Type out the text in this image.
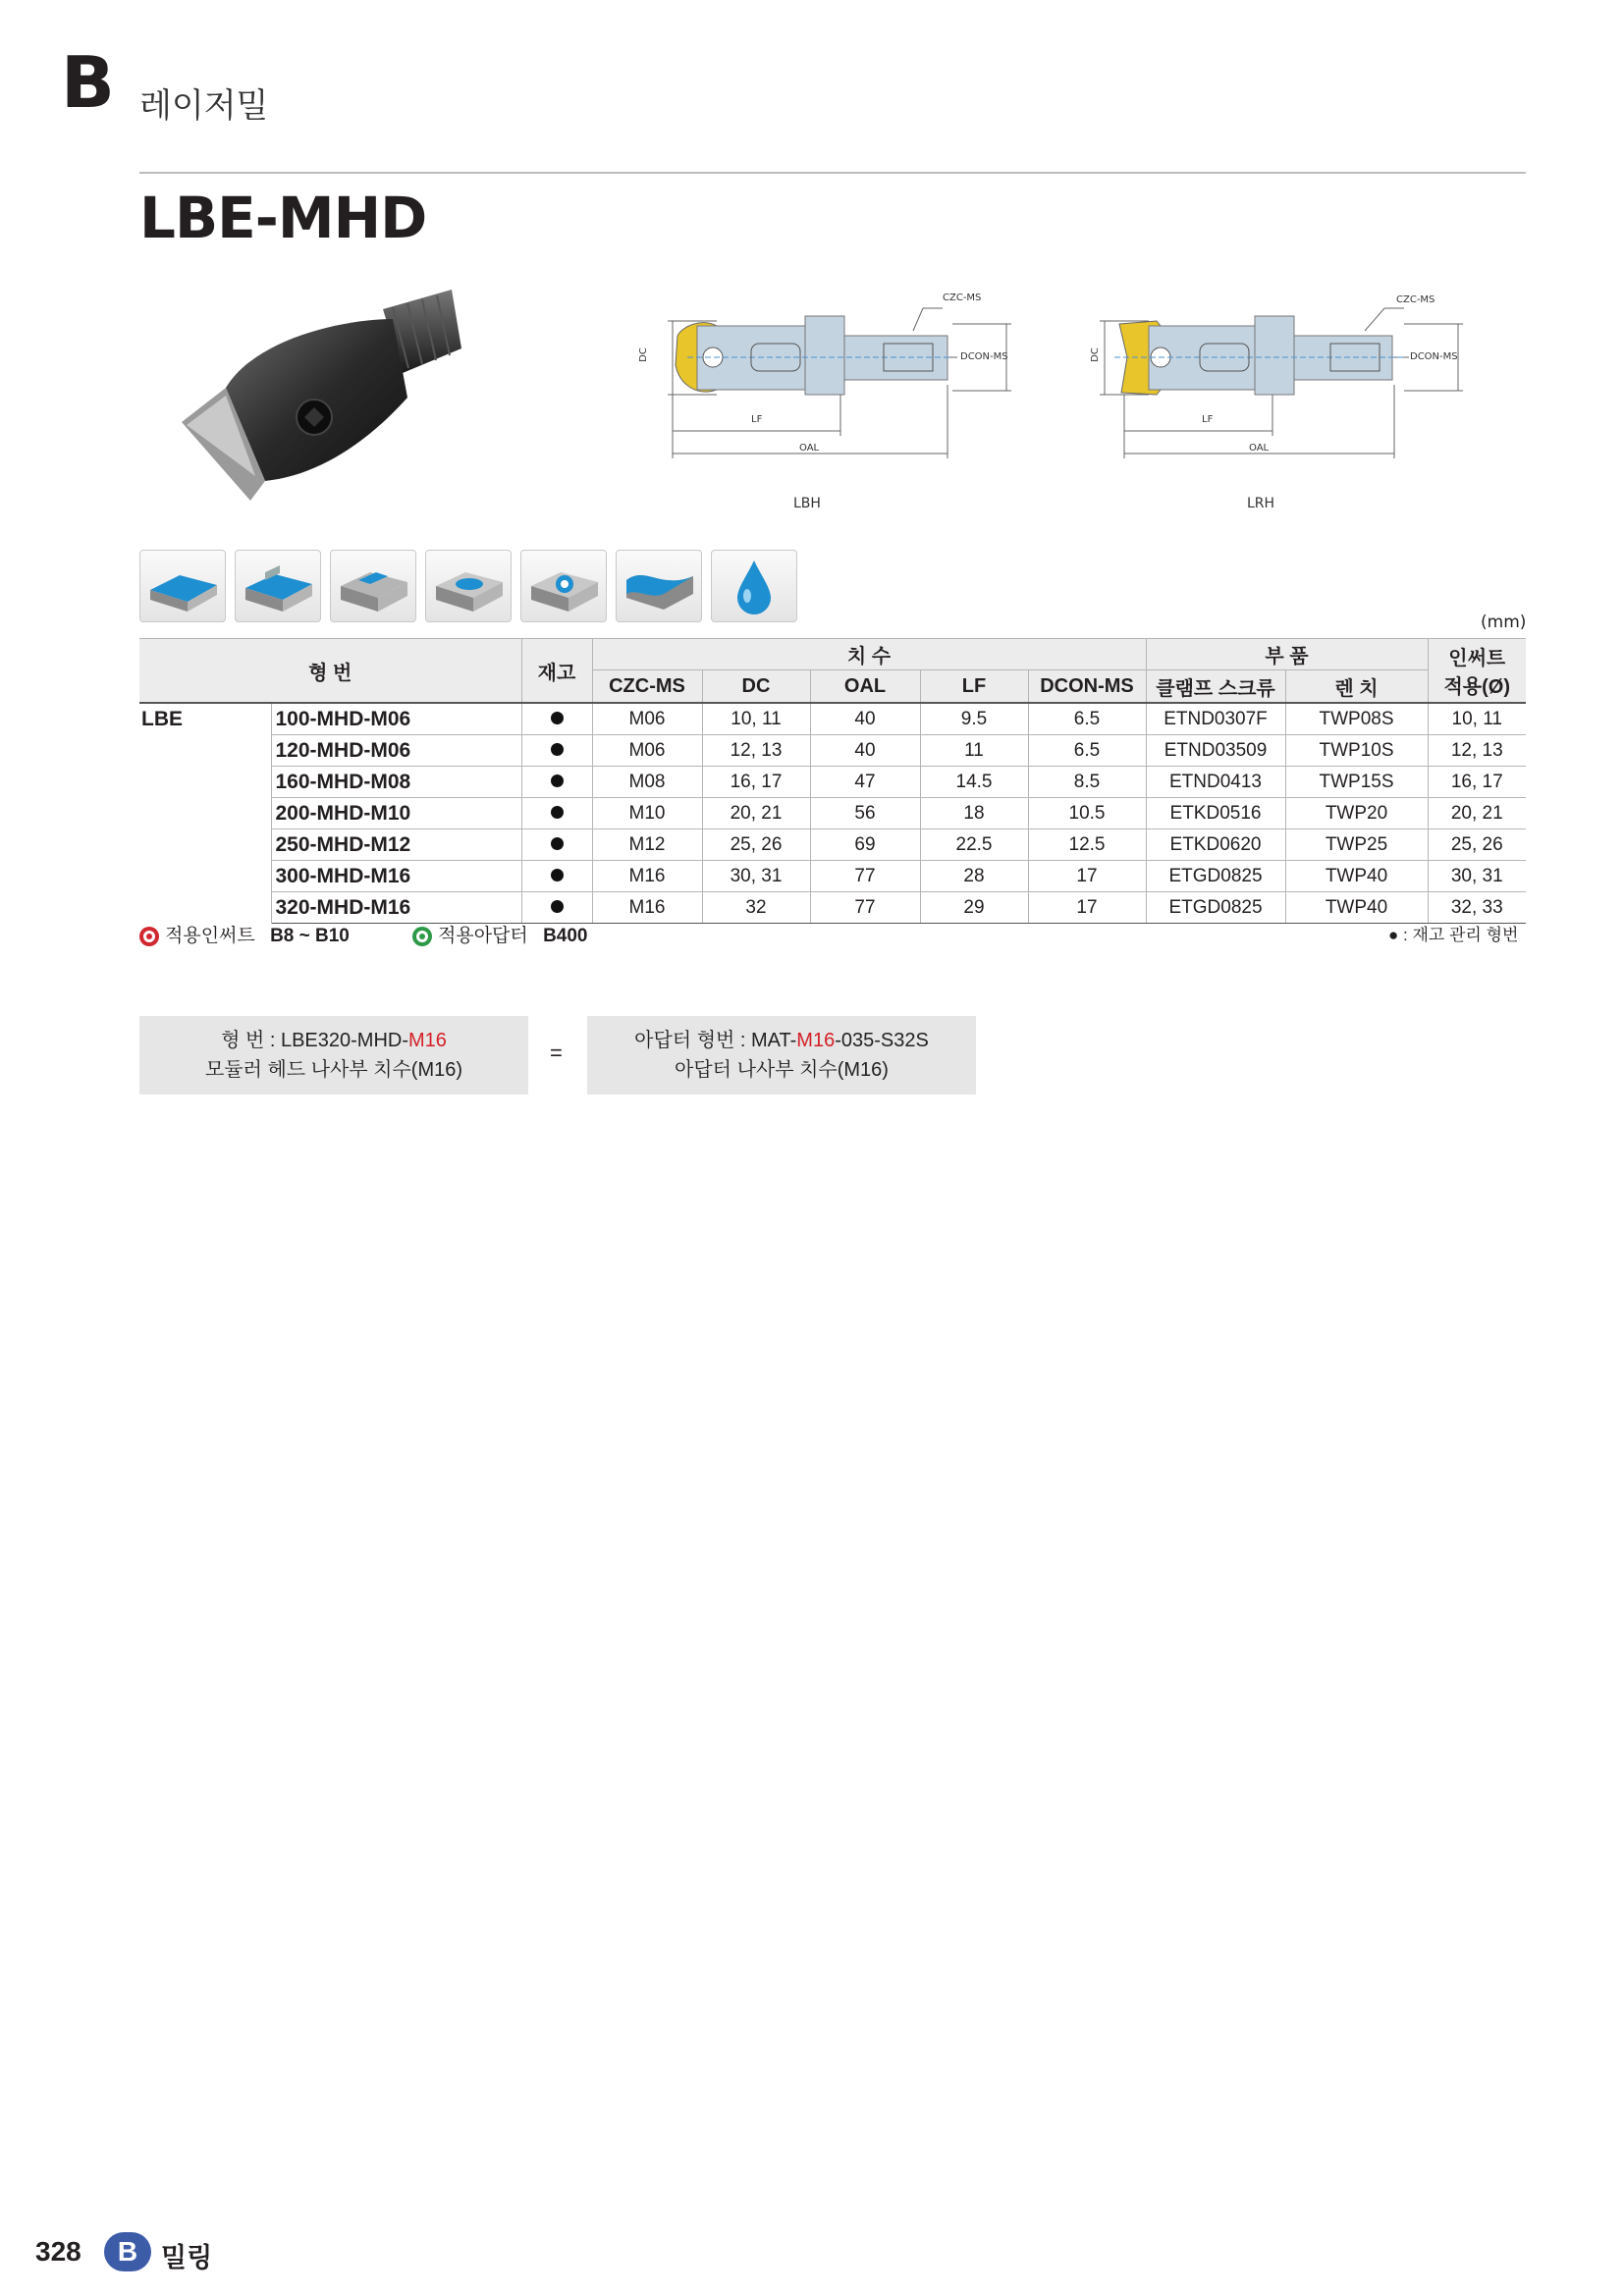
B 레이저밀
LBE-MHD
CZC-MS
DC	DCON-MS
LF
OAL
LBH
CZC-MS
DC	DCON-MS
LF
OAL
LRH
(mm)
형 번		재고	치 수					부 품		인써트
적용(Ø)

			CZC-MS	DC	OAL	LF	DCON-MS	클램프 스크류	렌 치	
LBE	100-MHD-M06		M06	10, 11	40	9.5	6.5	ETND0307F	TWP08S	10, 11
	120-MHD-M06		M06	12, 13	40	11	6.5	ETND03509	TWP10S	12, 13
	160-MHD-M08		M08	16, 17	47	14.5	8.5	ETND0413	TWP15S	16, 17
	200-MHD-M10		M10	20, 21	56	18	10.5	ETKD0516	TWP20	20, 21
	250-MHD-M12		M12	25, 26	69	22.5	12.5	ETKD0620	TWP25	25, 26
	300-MHD-M16		M16	30, 31	77	28	17	ETGD0825	TWP40	30, 31
	320-MHD-M16		M16	32	77	29	17	ETGD0825	TWP40	32, 33
적용인써트 B8 ~ B10	적용아답터 B400	● : 재고 관리 형번
형 번 : LBE320-MHD-M16
모듈러 헤드 나사부 치수(M16)
=	아답터 형번 : MAT-M16-035-S32S
아답터 나사부 치수(M16)
328	B 밀링
